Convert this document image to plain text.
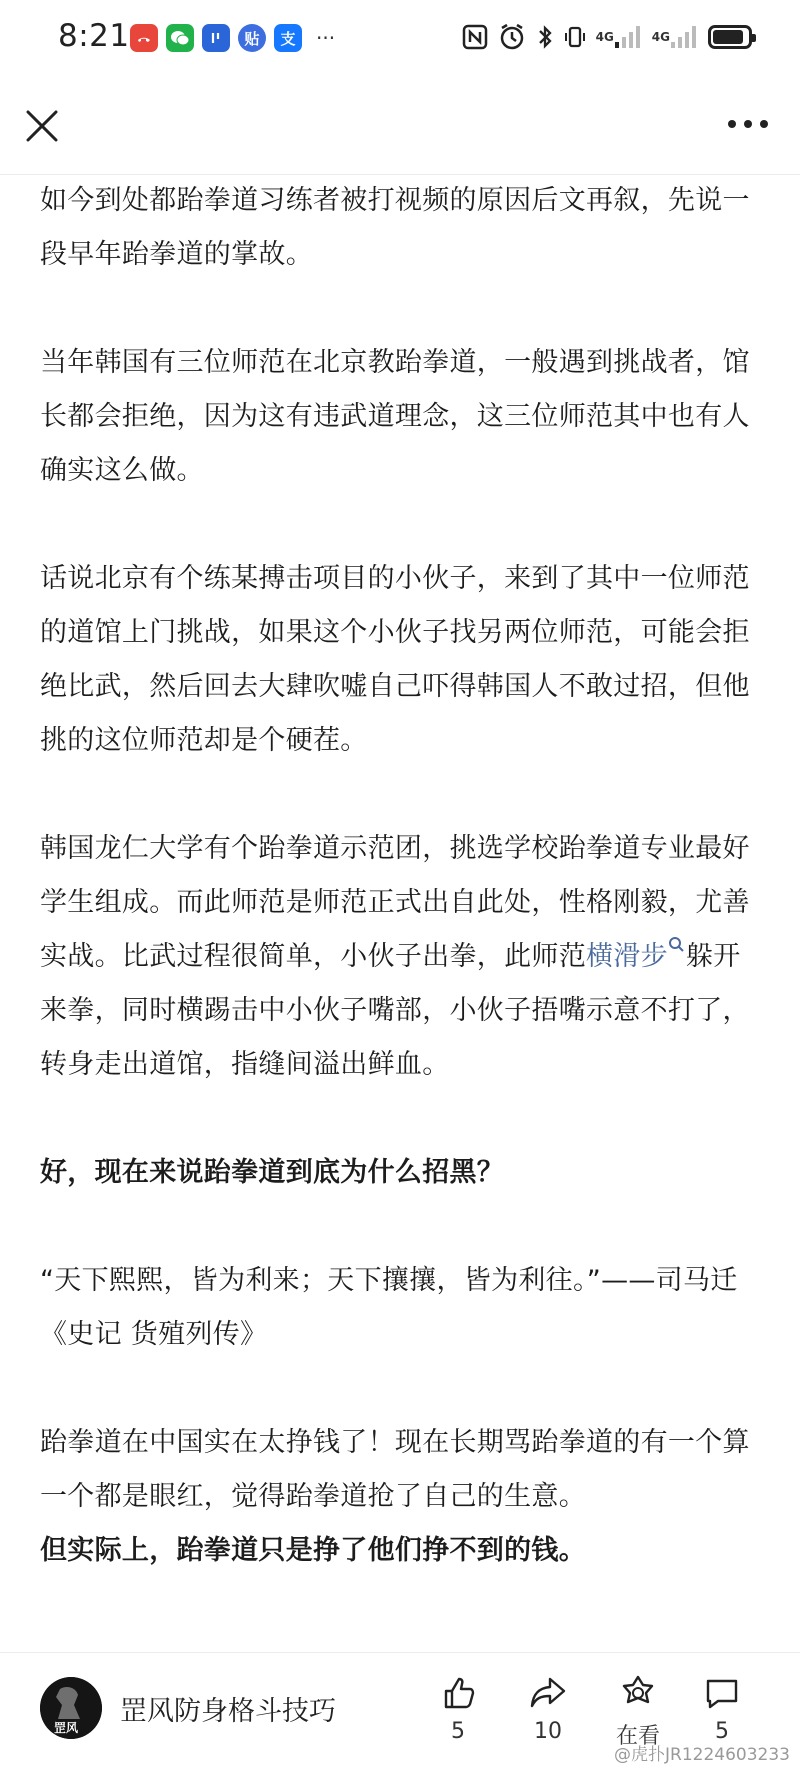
8:21	贴	支	···	4G	4G

如今到处都跆拳道习练者被打视频的原因后文再叙，先说一段早年跆拳道的掌故。

当年韩国有三位师范在北京教跆拳道，一般遇到挑战者，馆长都会拒绝，因为这有违武道理念，这三位师范其中也有人确实这么做。

话说北京有个练某搏击项目的小伙子，来到了其中一位师范的道馆上门挑战，如果这个小伙子找另两位师范，可能会拒绝比武，然后回去大肆吹嘘自己吓得韩国人不敢过招，但他挑的这位师范却是个硬茬。

韩国龙仁大学有个跆拳道示范团，挑选学校跆拳道专业最好学生组成。而此师范是师范正式出自此处，性格刚毅，尤善实战。比武过程很简单，小伙子出拳，此师范横滑步 躲开来拳，同时横踢击中小伙子嘴部，小伙子捂嘴示意不打了，转身走出道馆，指缝间溢出鲜血。

好，现在来说跆拳道到底为什么招黑？

“天下熙熙，皆为利来；天下攘攘，皆为利往。”——司马迁《史记 货殖列传》

跆拳道在中国实在太挣钱了！现在长期骂跆拳道的有一个算一个都是眼红，觉得跆拳道抢了自己的生意。

但实际上，跆拳道只是挣了他们挣不到的钱。

罡风
罡风防身格斗技巧
5	10	在看	5
@虎扑JR1224603233
